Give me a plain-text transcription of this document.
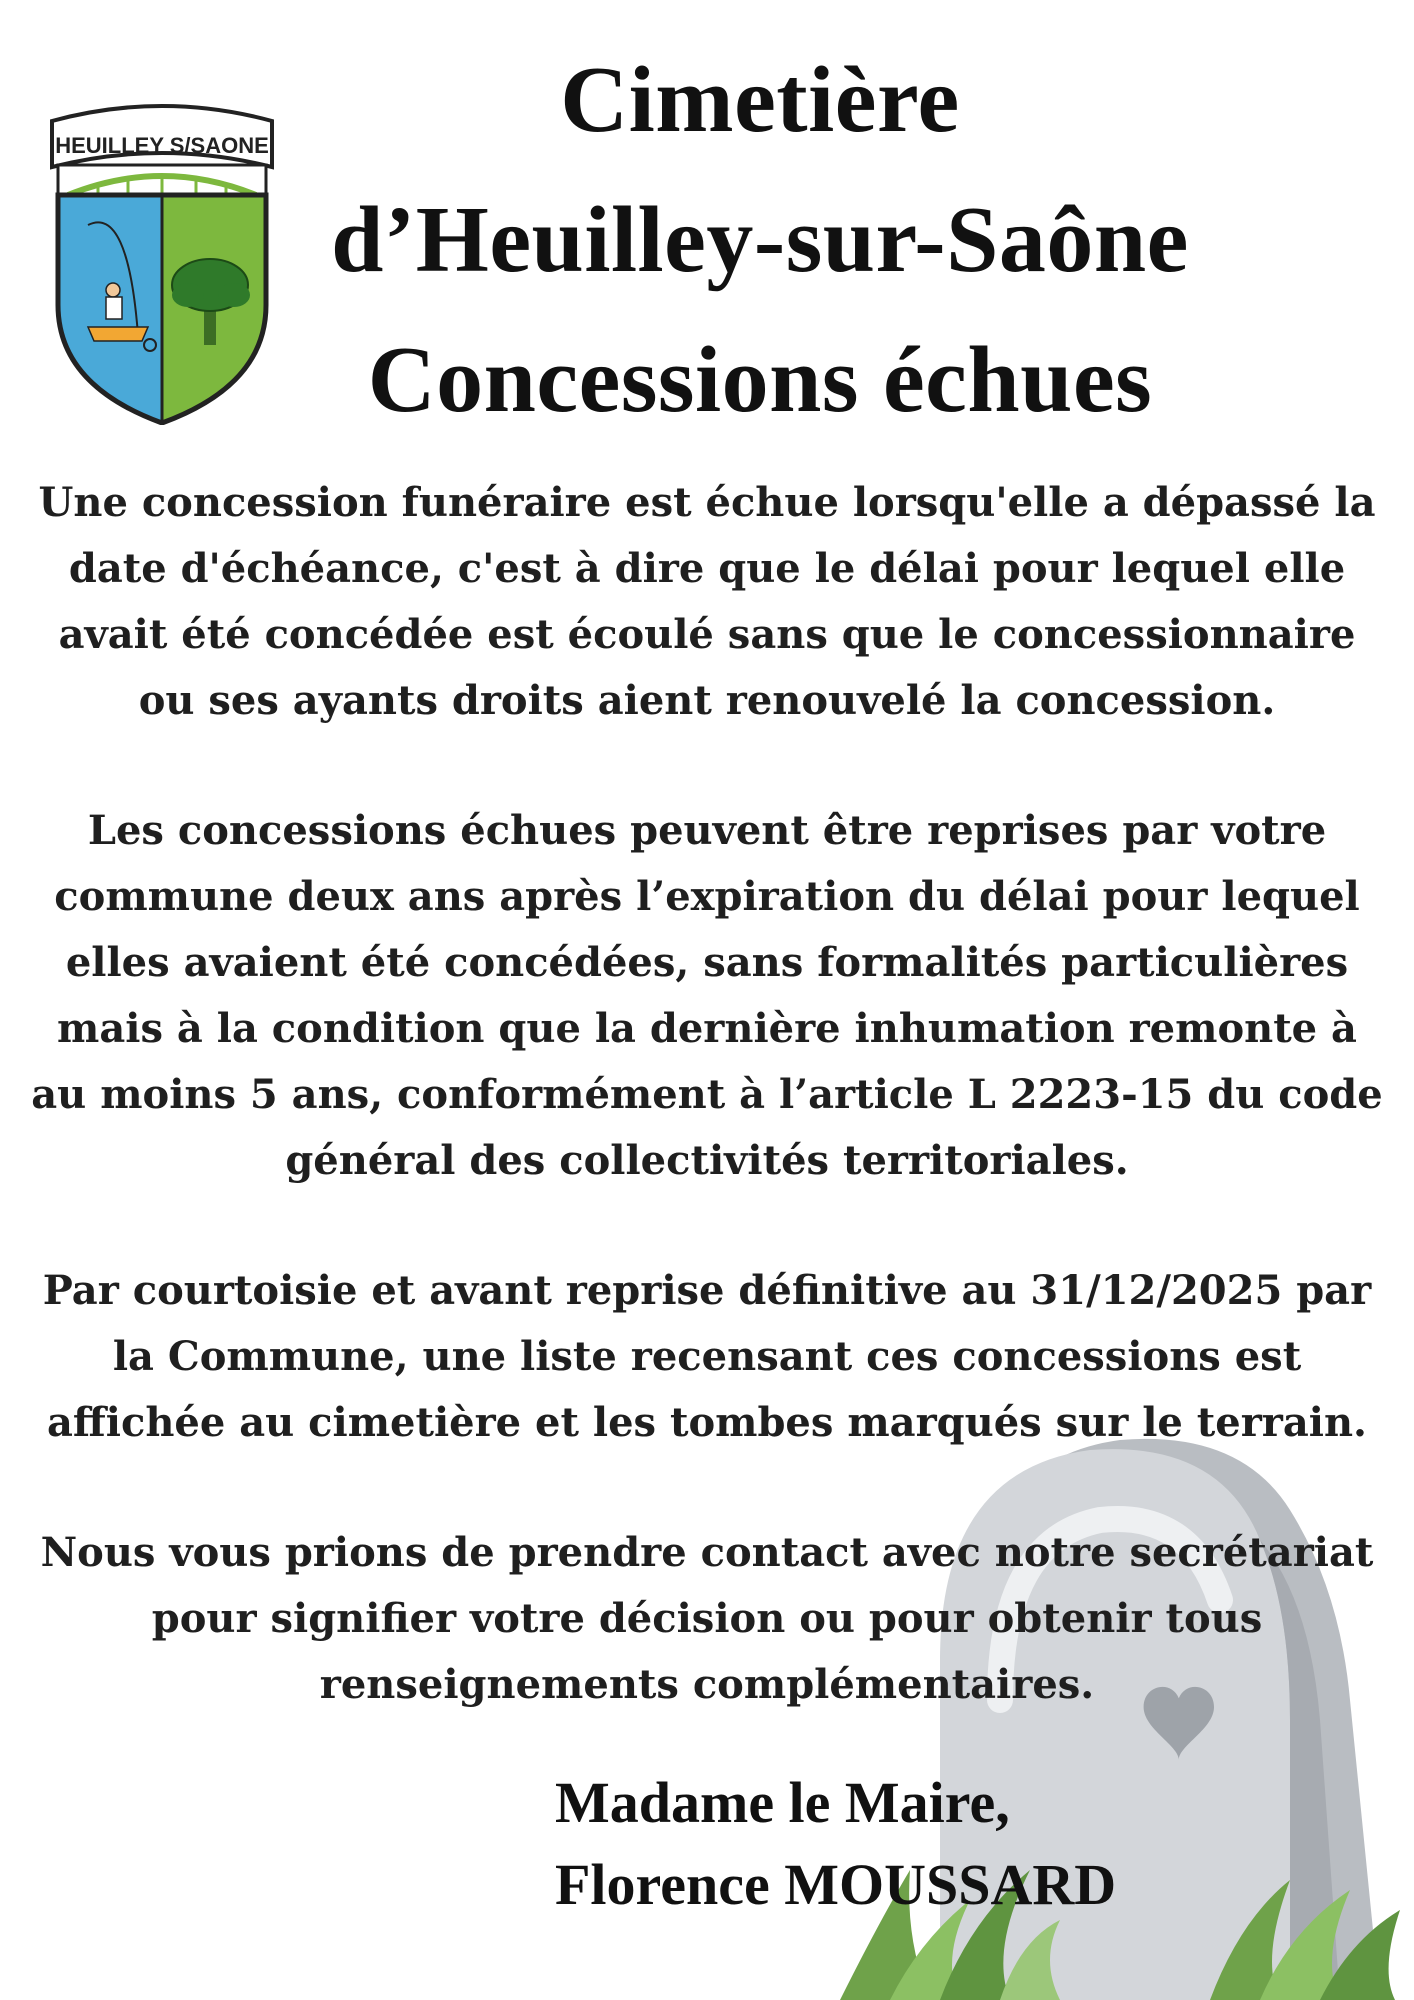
HEUILLEY S/SAONE	Cimetière
d’Heuilley-sur-Saône
Concessions échues

Une concession funéraire est échue lorsqu'elle a dépassé la date d'échéance, c'est à dire que le délai pour lequel elle avait été concédée est écoulé sans que le concessionnaire ou ses ayants droits aient renouvelé la concession.

Les concessions échues peuvent être reprises par votre commune deux ans après l’expiration du délai pour lequel elles avaient été concédées, sans formalités particulières mais à la condition que la dernière inhumation remonte à au moins 5 ans, conformément à l’article L 2223-15 du code général des collectivités territoriales.

Par courtoisie et avant reprise définitive au 31/12/2025 par la Commune, une liste recensant ces concessions est affichée au cimetière et les tombes marqués sur le terrain.

Nous vous prions de prendre contact avec notre secrétariat pour signifier votre décision ou pour obtenir tous renseignements complémentaires.

Madame le Maire,

Florence MOUSSARD
